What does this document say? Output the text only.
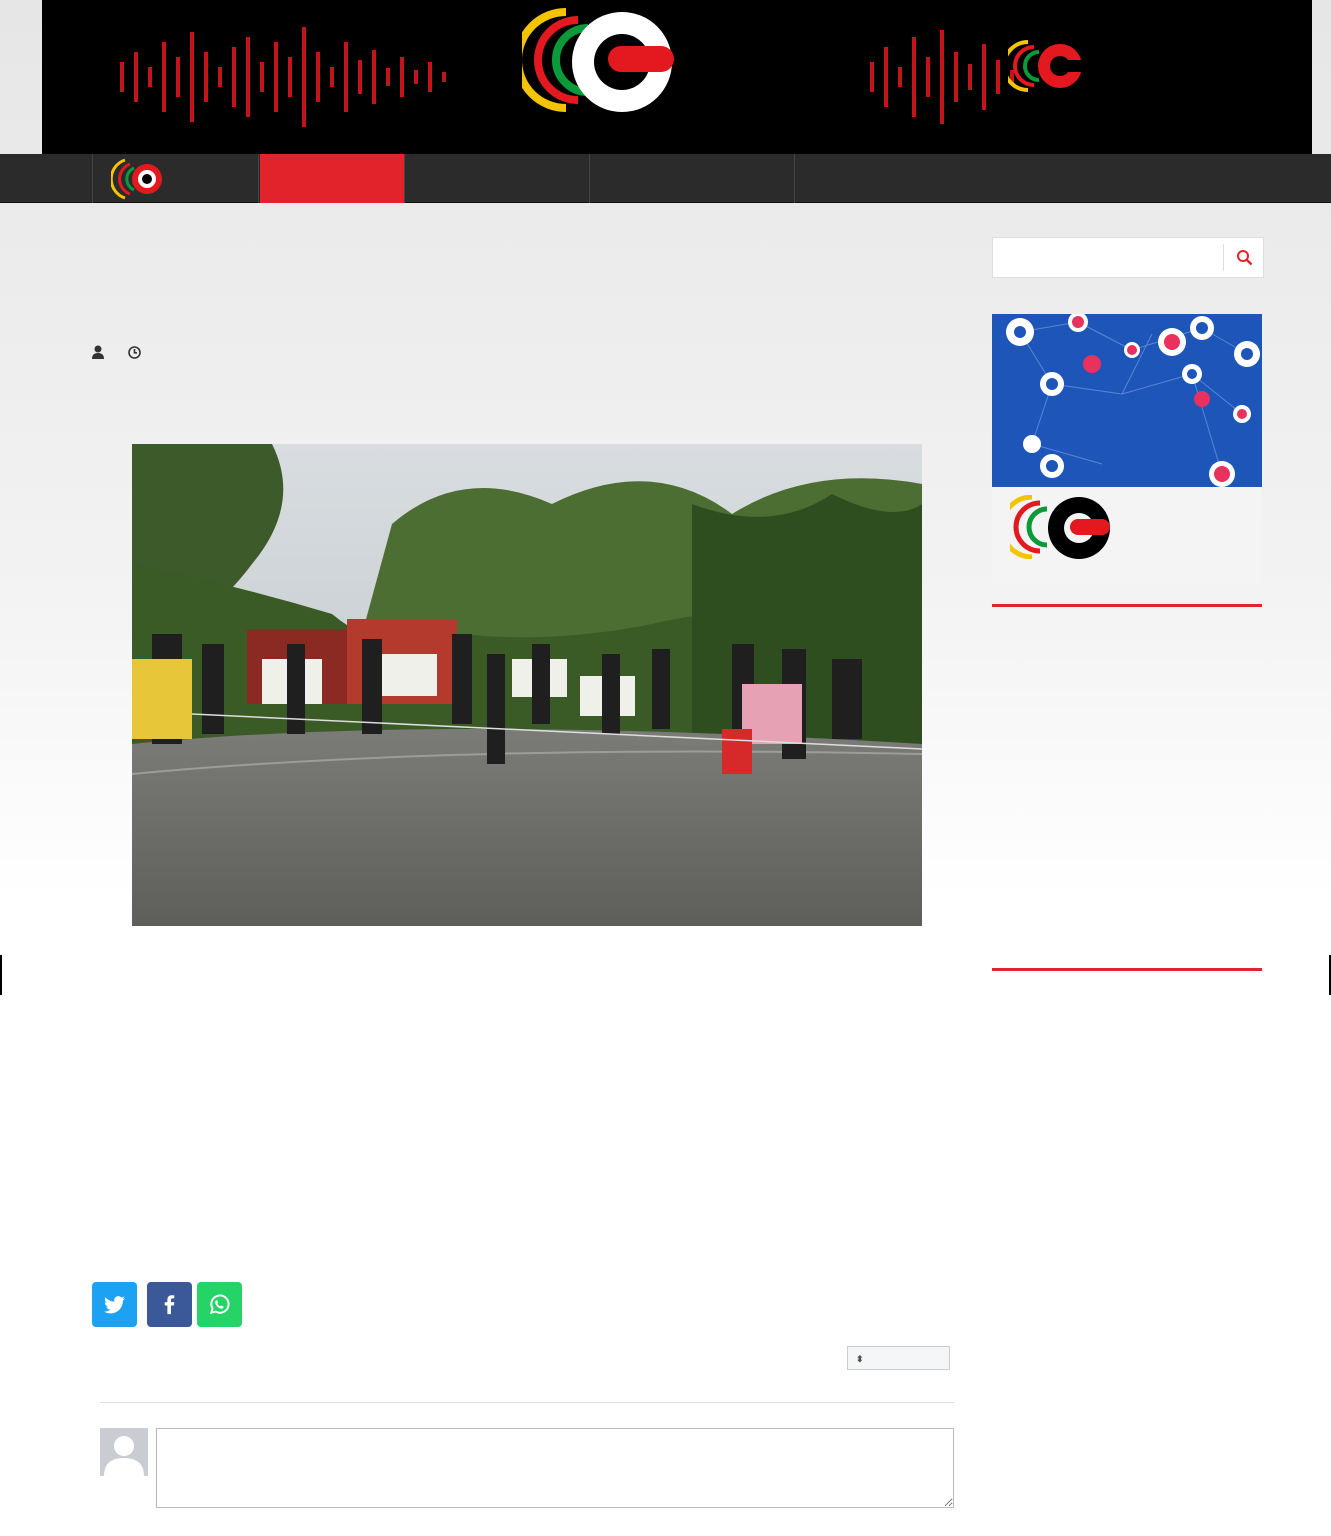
⬍
